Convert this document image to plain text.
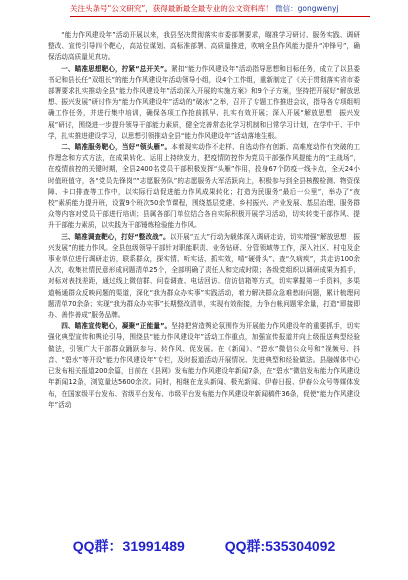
关注头条号“公文研究”，获得最新最全最专业的公文资料库！ 微信：gongwenyj

“能力作风建设年”活动开展以来，我县坚决贯彻落实市委部署要求，瞄准学习研讨、服务实践、调研整改、宣传引导四个靶心，高站位谋划、高标准部署、高质量推进，吹响全县作风能力提升“冲锋号”，确保活动高质量见真功。

一、瞄准思想靶心，拧紧“总开关”。紧扣“能力作风建设年”活动指导思想和目标任务，成立了以县委书记和县长任“双组长”的能力作风建设年活动领导小组，设4个工作组，重新制定了《关于贯彻落实省市委部署要求扎实推动全县“能力作风建设年”活动深入开展的实施方案》和9个子方案，坚持把开展好“解放思想、振兴发展”研讨作为“能力作风建设年”活动的“破冰”之举，召开了专题工作推进会议，指导各专项组明确工作任务，并进行集中培训，确保各项工作抢前抓早、扎实有效开展；深入开展“解放思想　振兴发展”研讨，围绕进一步提升领导干部能力素质，健全完善常态化学习机制和日常学习计划，在学中干、干中学，扎实推进建设学习，以思想引领推动全县“能力作风建设年”活动落地生根。

二、瞄准服务靶心，当好“领头雁”。本着现实动作不走样、自选动作有创新、高难度动作有突破的工作理念和方式方法，在成果转化、运用上持续发力，把疫情防控作为党员干部强作风提能力的“主战场”，在疫情前控的关键时期，全县2400名党员干部积极发挥“头雁”作用，投身67个防疫一线卡点，全天24小时值班值守，各“党员先锋岗”“志愿服务队”的志愿服务大军活跃向上，积极参与到全县核酸检测、物资保障、卡口排查等工作中，以实际行动促进能力作风成果转化；打造为民服务“最后一公里”，举办了“夜校”素质能力提升班，设置9个班次50余节课程，围绕基层党建、乡村振兴、产业发展、基层治理、服务群众等内容对党员干部进行培训；县属各部门单位结合各自实际积极开展学习活动，切实转变干部作风、提升干部能力素质，以实践为干部锤炼检验能力作风。

三、瞄准调查靶心，打好“整改战”。以开展“五大”行动为载体深入调研走访，切实增强“解放思想　振兴发展”的能力作风。全县包级领导干部针对职能职责、业务钻研、分管领域等工作，深入社区、村屯及企事业单位进行调研走访，联系群众，探实情、听实话、抓实效，啃“硬骨头”、查“久病疾”，共走访100余人次，收集社情民意形成问题清单25个，全部明确了责任人和完成时限；各级党组织以调研成果为抓手，对标对表找差距，通过线上微信群、问卷调查、电话回访、信访信箱等方式，切实掌握第一手资料，多渠道畅通群众反映问题的渠道，深化“我为群众办实事”实践活动，着力解决群众急难愁盼问题，累计梳理问题清单70余条；实现“我为群众办实事”长期整改清单，实现有效衔接，力争台帐问题零余量，打造“即接即办、善作善成”服务品牌。

四、瞄准宣传靶心，凝聚“正能量”。坚持把营造舆论氛围作为开展能力作风建设年的重要抓手，切实强化典型宣传和舆论引导，围绕县“能力作风建设年”活动工作重点，加强宣传报道并向上级报送典型经验做法，引领广大干部群众踊跃参与、转作风、促发展。在《新闻》、“碧水”微信公众号和“视频号、抖音、“碧水”等开设“能力作风建设年”专栏，及时报道活动开展情况、先进典型和经验做法。县融媒体中心已发布相关报道200余篇，目前在《县网》发布能力作风建设年新闻7条，在“碧水”微信发布能力作风建设年新闻12条，浏览量达5600余次。同时，相继在龙头新闻、极光新闻、伊春日报、伊春公众号等媒体发布，在国家级平台发布、省级平台发布、市级平台发布能力作风建设年新闻稿件36条，促使“能力作风建设年”活动

QQ群：31991489	QQ群:535304092
